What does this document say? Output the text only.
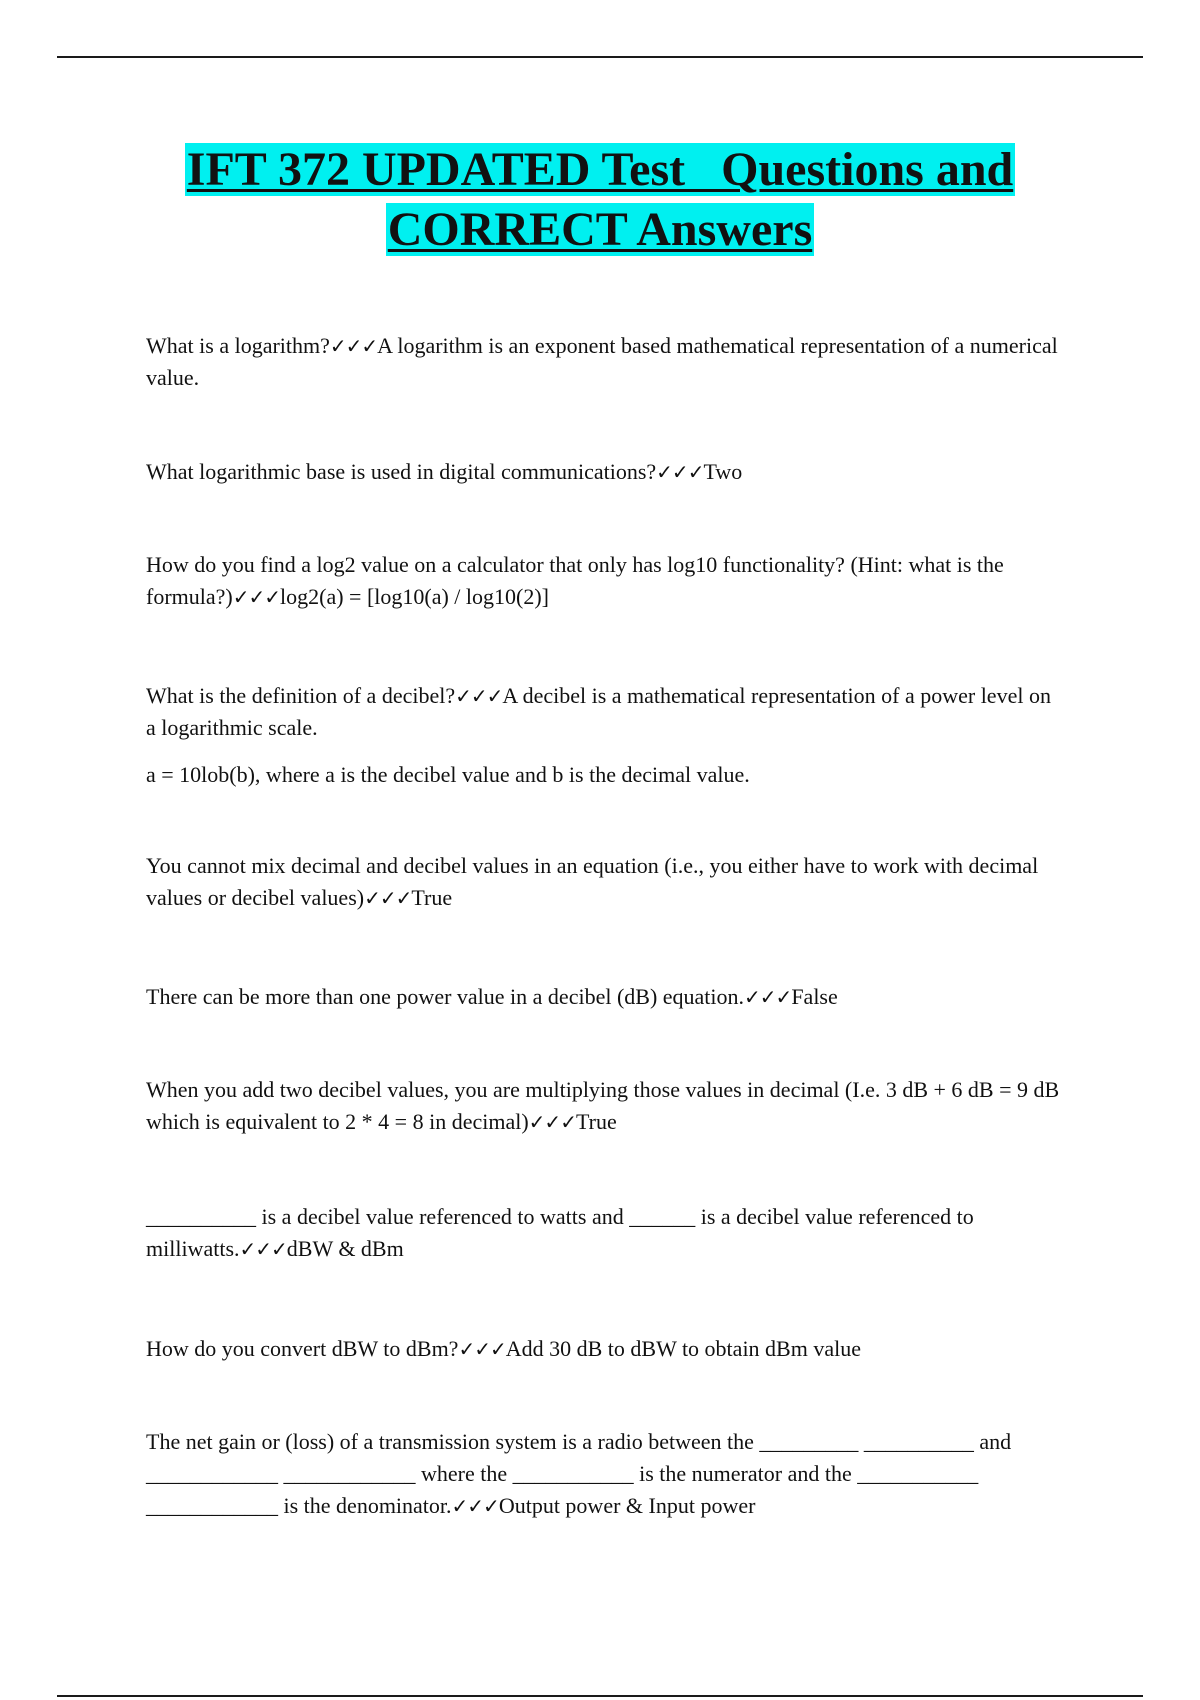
IFT 372 UPDATED Test   Questions and
CORRECT Answers

What is a logarithm?✓✓✓A logarithm is an exponent based mathematical representation of a numerical value.

What logarithmic base is used in digital communications?✓✓✓Two

How do you find a log2 value on a calculator that only has log10 functionality? (Hint: what is the formula?)✓✓✓log2(a) = [log10(a) / log10(2)]

What is the definition of a decibel?✓✓✓A decibel is a mathematical representation of a power level on a logarithmic scale.

a = 10lob(b), where a is the decibel value and b is the decimal value.

You cannot mix decimal and decibel values in an equation (i.e., you either have to work with decimal values or decibel values)✓✓✓True

There can be more than one power value in a decibel (dB) equation.✓✓✓False

When you add two decibel values, you are multiplying those values in decimal (I.e. 3 dB + 6 dB = 9 dB which is equivalent to 2 * 4 = 8 in decimal)✓✓✓True

__________ is a decibel value referenced to watts and ______ is a decibel value referenced to milliwatts.✓✓✓dBW & dBm

How do you convert dBW to dBm?✓✓✓Add 30 dB to dBW to obtain dBm value

The net gain or (loss) of a transmission system is a radio between the _________ __________ and ____________ ____________ where the ___________ is the numerator and the ___________ ____________ is the denominator.✓✓✓Output power & Input power
